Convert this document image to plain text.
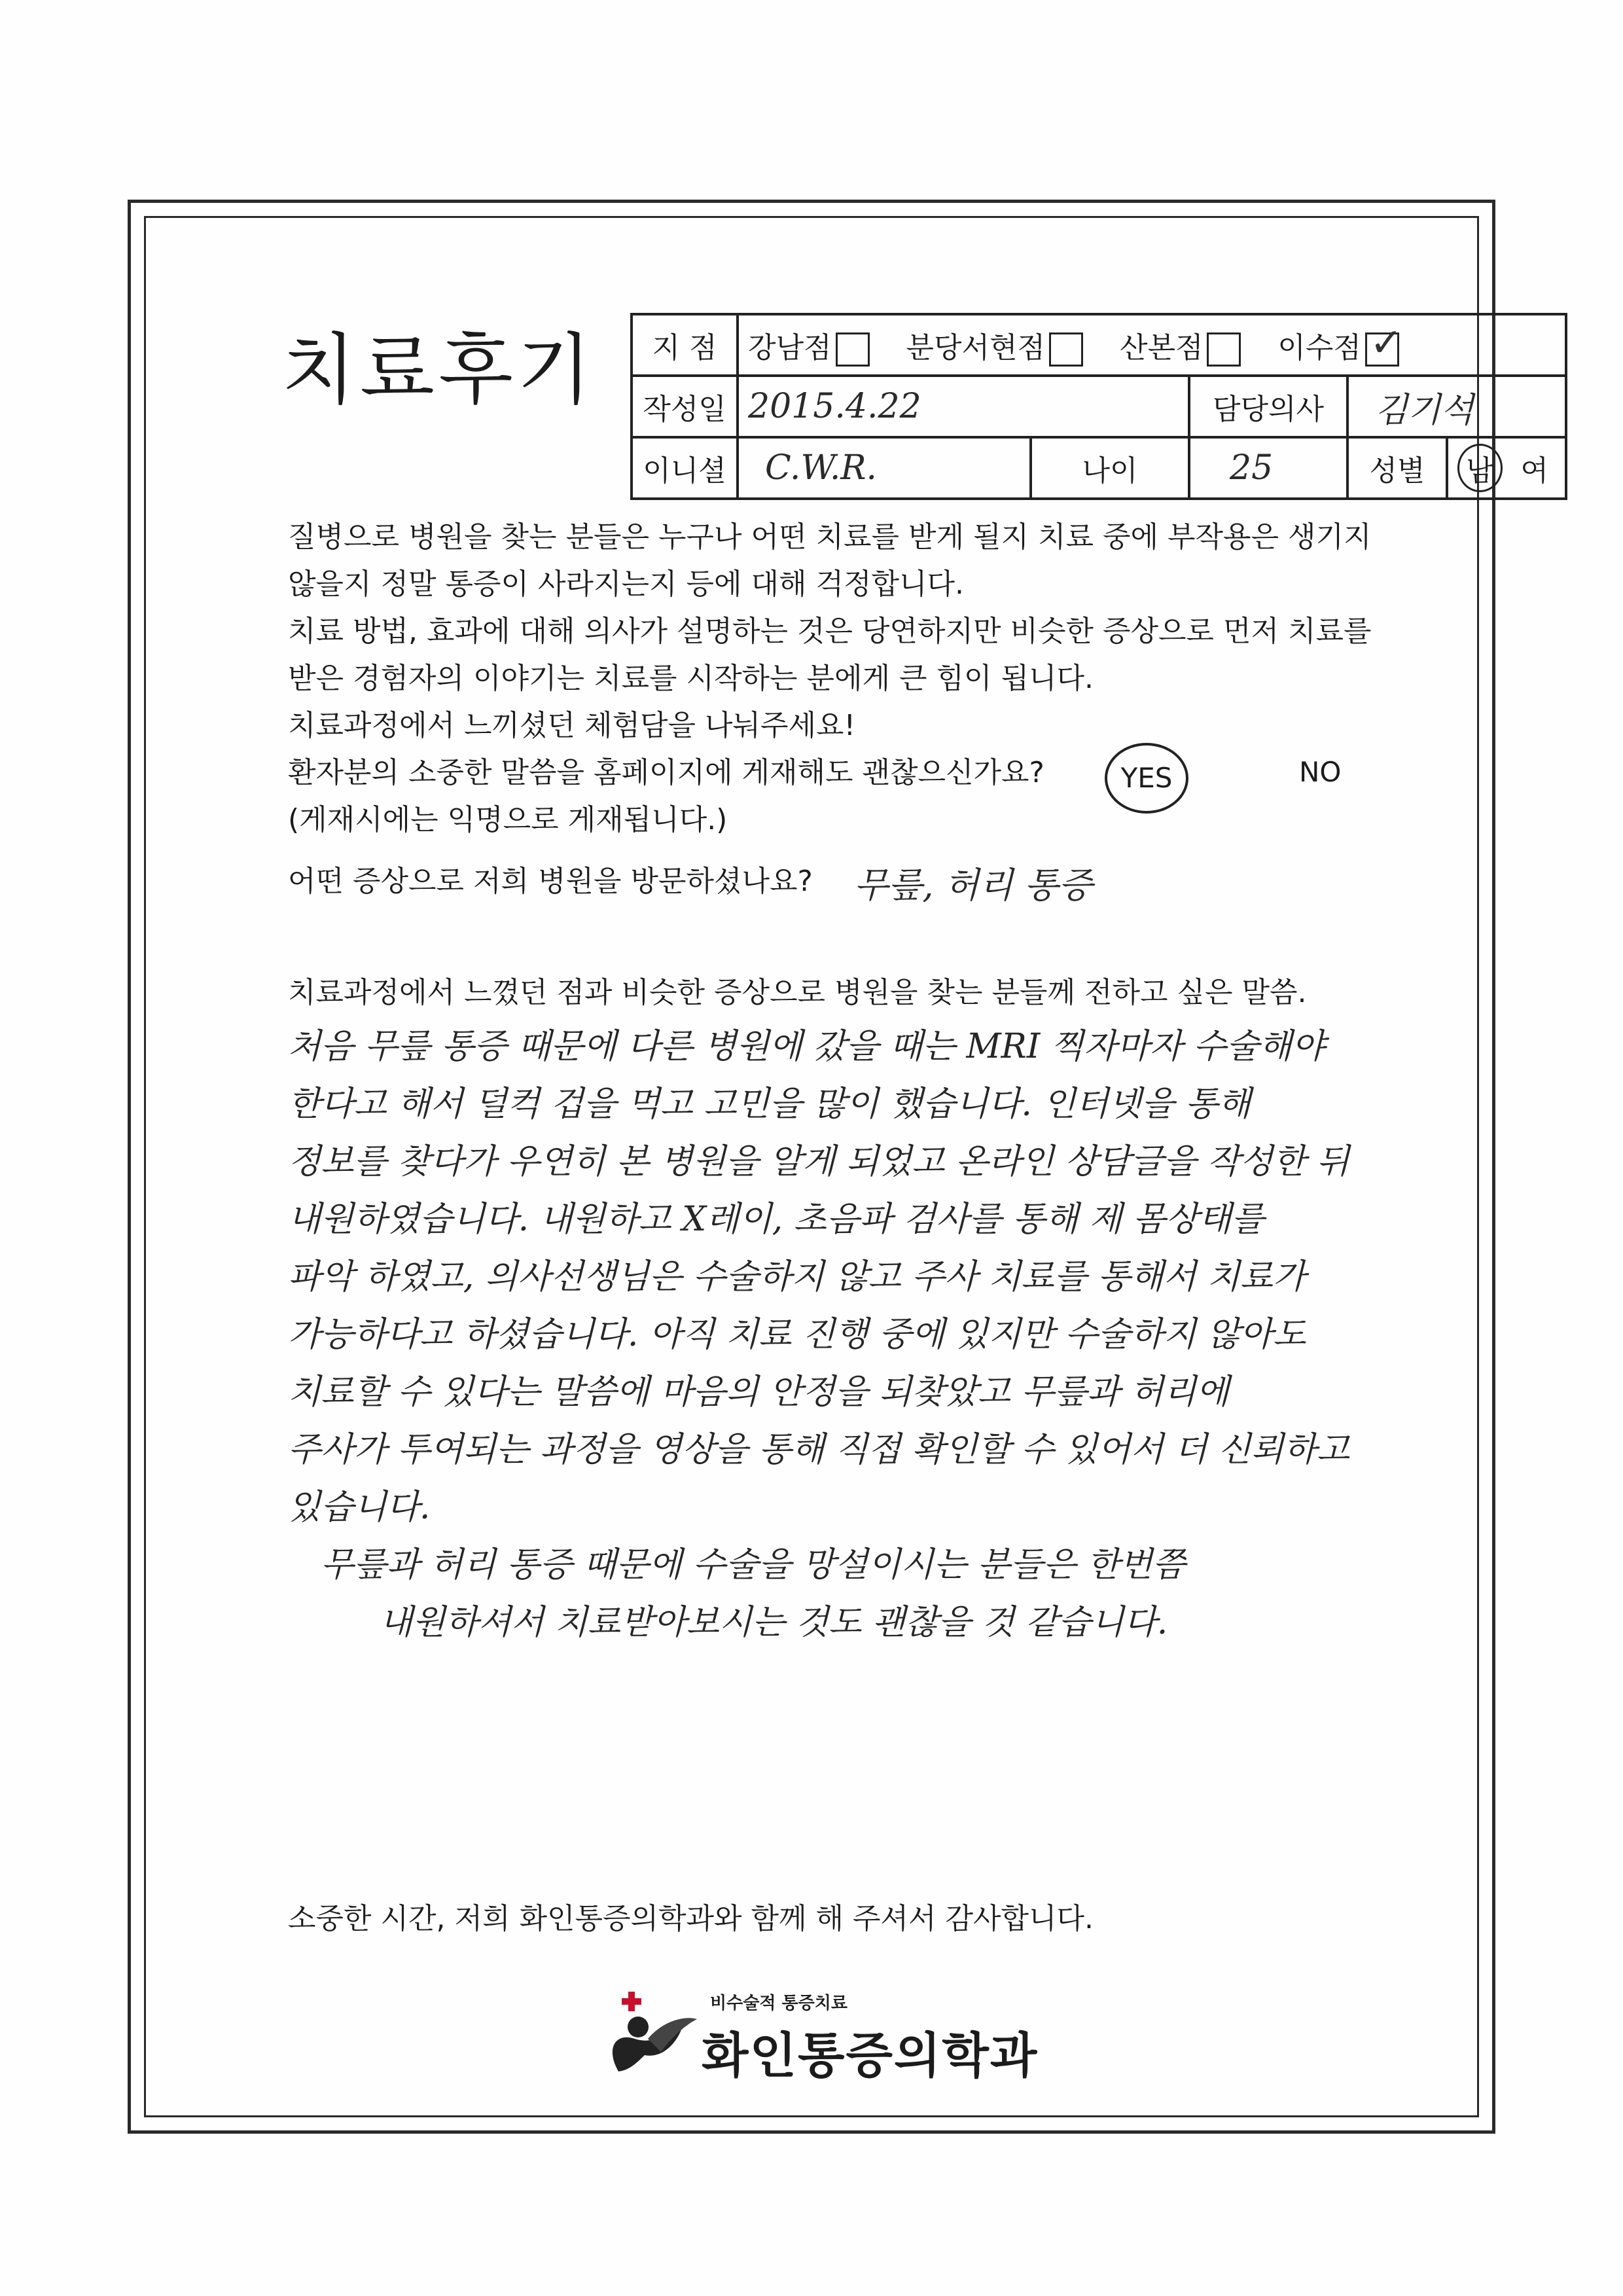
치료후기 지 점	강남점 분당서현점 산본점 이수점✓
작성일	2015.4.22		담당의사	김기석	
이니셜	C.W.R.	나이	25	성별	남 여

질병으로 병원을 찾는 분들은 누구나 어떤 치료를 받게 될지 치료 중에 부작용은 생기지

않을지 정말 통증이 사라지는지 등에 대해 걱정합니다.

치료 방법, 효과에 대해 의사가 설명하는 것은 당연하지만 비슷한 증상으로 먼저 치료를

받은 경험자의 이야기는 치료를 시작하는 분에게 큰 힘이 됩니다.

치료과정에서 느끼셨던 체험담을 나눠주세요!

환자분의 소중한 말씀을 홈페이지에 게재해도 괜찮으신가요?

(게재시에는 익명으로 게재됩니다.)

YES	NO
어떤 증상으로 저희 병원을 방문하셨나요? 무릎, 허리 통증
치료과정에서 느꼈던 점과 비슷한 증상으로 병원을 찾는 분들께 전하고 싶은 말씀.
처음 무릎 통증 때문에 다른 병원에 갔을 때는 MRI 찍자마자 수술해야
한다고 해서 덜컥 겁을 먹고 고민을 많이 했습니다. 인터넷을 통해
정보를 찾다가 우연히 본 병원을 알게 되었고 온라인 상담글을 작성한 뒤
내원하였습니다. 내원하고 X레이, 초음파 검사를 통해 제 몸상태를
파악 하였고, 의사선생님은 수술하지 않고 주사 치료를 통해서 치료가
가능하다고 하셨습니다. 아직 치료 진행 중에 있지만 수술하지 않아도
치료할 수 있다는 말씀에 마음의 안정을 되찾았고 무릎과 허리에
주사가 투여되는 과정을 영상을 통해 직접 확인할 수 있어서 더 신뢰하고
있습니다.
무릎과 허리 통증 때문에 수술을 망설이시는 분들은 한번쯤
내원하셔서 치료받아보시는 것도 괜찮을 것 같습니다.
소중한 시간, 저희 화인통증의학과와 함께 해 주셔서 감사합니다.
비수술적 통증치료
화인통증의학과
